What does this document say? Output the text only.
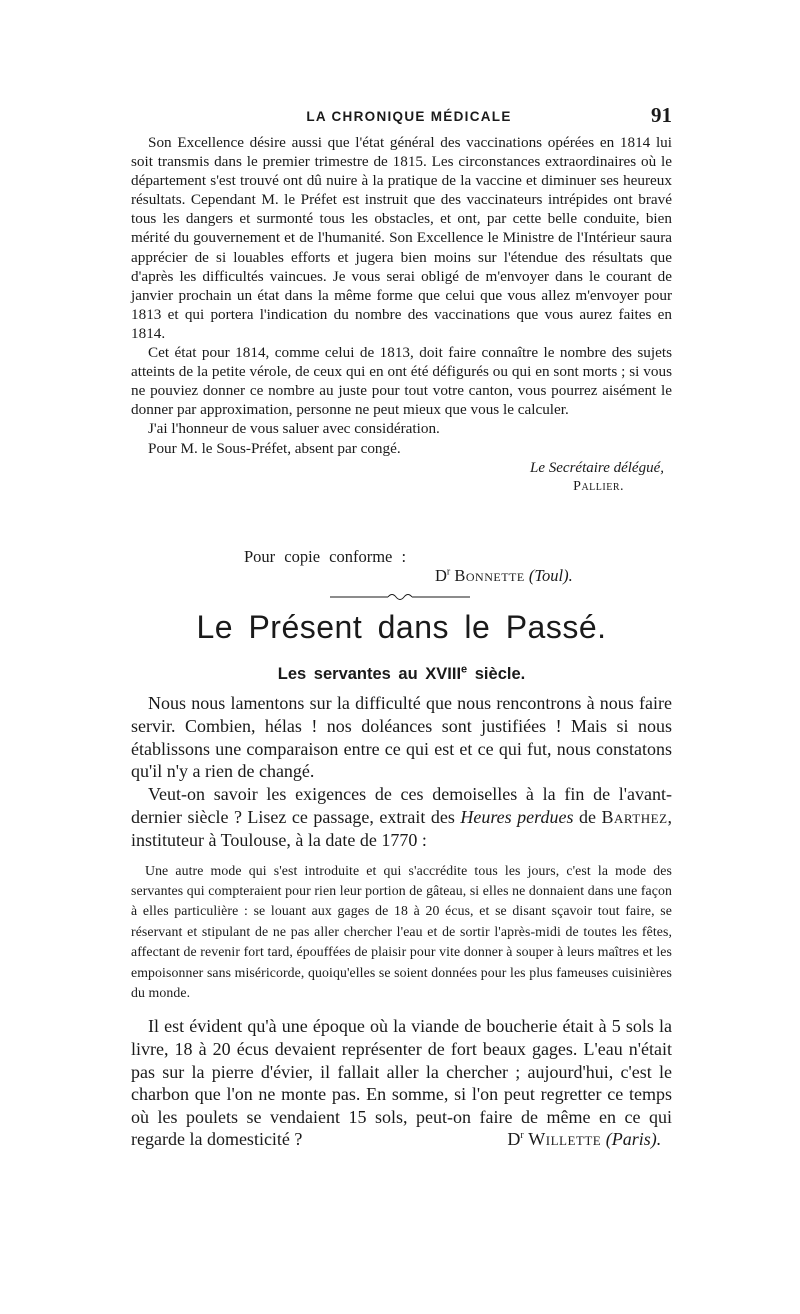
LA CHRONIQUE MÉDICALE	91

Son Excellence désire aussi que l'état général des vaccinations opérées en 1814 lui soit transmis dans le premier trimestre de 1815. Les circonstances extraordinaires où le département s'est trouvé ont dû nuire à la pratique de la vaccine et diminuer ses heureux résultats. Cependant M. le Préfet est instruit que des vaccinateurs intrépides ont bravé tous les dangers et surmonté tous les obstacles, et ont, par cette belle conduite, bien mérité du gouvernement et de l'humanité. Son Excellence le Ministre de l'Intérieur saura apprécier de si louables efforts et jugera bien moins sur l'étendue des résultats que d'après les difficultés vaincues. Je vous serai obligé de m'envoyer dans le courant de janvier prochain un état dans la même forme que celui que vous allez m'envoyer pour 1813 et qui portera l'indication du nombre des vaccinations que vous aurez faites en 1814.

Cet état pour 1814, comme celui de 1813, doit faire connaître le nombre des sujets atteints de la petite vérole, de ceux qui en ont été défigurés ou qui en sont morts ; si vous ne pouviez donner ce nombre au juste pour tout votre canton, vous pourrez aisément le donner par approximation, personne ne peut mieux que vous le calculer.

J'ai l'honneur de vous saluer avec considération.

Pour M. le Sous-Préfet, absent par congé.

Le Secrétaire délégué,

Pallier.

Pour copie conforme :
$D^r$ Bonnette (Toul).
Le Présent dans le Passé.
Les servantes au XVIIIe siècle.

Nous nous lamentons sur la difficulté que nous rencontrons à nous faire servir. Combien, hélas ! nos doléances sont justifiées ! Mais si nous établissons une comparaison entre ce qui est et ce qui fut, nous constatons qu'il n'y a rien de changé.

Veut-on savoir les exigences de ces demoiselles à la fin de l'avant-dernier siècle ? Lisez ce passage, extrait des Heures perdues de Barthez, instituteur à Toulouse, à la date de 1770 :

Une autre mode qui s'est introduite et qui s'accrédite tous les jours, c'est la mode des servantes qui compteraient pour rien leur portion de gâteau, si elles ne donnaient dans une façon à elles particulière : se louant aux gages de 18 à 20 écus, et se disant sçavoir tout faire, se réservant et stipulant de ne pas aller chercher l'eau et de sortir l'après-midi de toutes les fêtes, affectant de revenir fort tard, épouffées de plaisir pour vite donner à souper à leurs maîtres et les empoisonner sans miséricorde, quoiqu'elles se soient données pour les plus fameuses cuisinières du monde.

Il est évident qu'à une époque où la viande de boucherie était à 5 sols la livre, 18 à 20 écus devaient représenter de fort beaux gages. L'eau n'était pas sur la pierre d'évier, il fallait aller la chercher ; aujourd'hui, c'est le charbon que l'on ne monte pas. En somme, si l'on peut regretter ce temps où les poulets se vendaient 15 sols, peut-on faire de même en ce qui regarde la domesticité ?	$D^r$ Willette (Paris).
